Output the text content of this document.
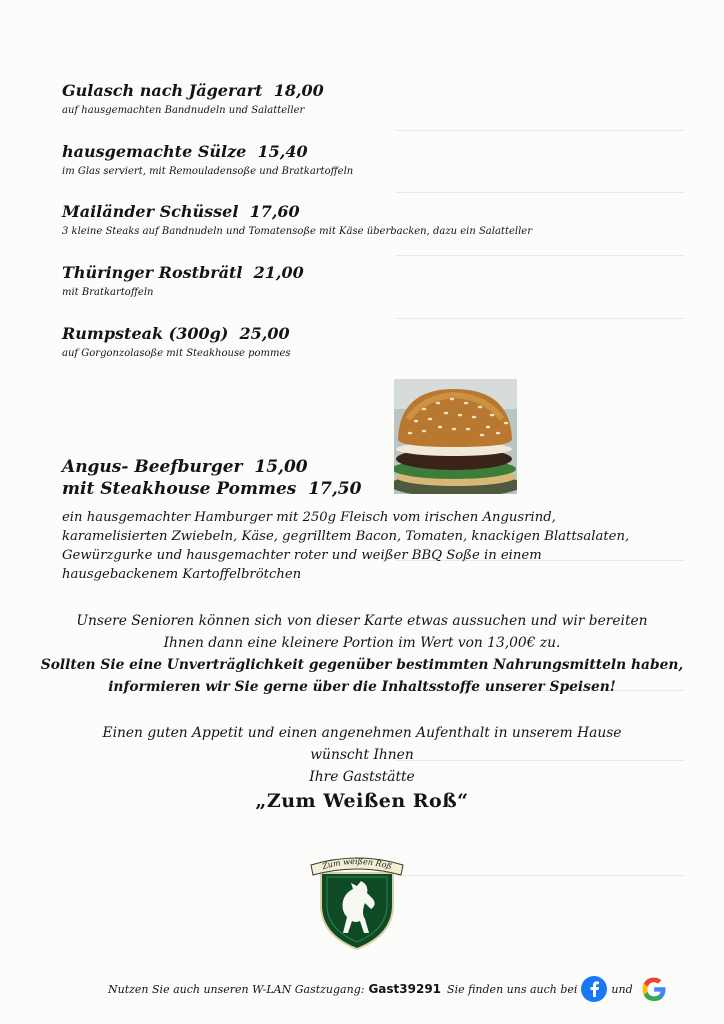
Gulasch nach Jägerart 18,00
auf hausgemachten Bandnudeln und Salatteller
hausgemachte Sülze 15,40
im Glas serviert, mit Remouladensoße und Bratkartoffeln
Mailänder Schüssel 17,60
3 kleine Steaks auf Bandnudeln und Tomatensoße mit Käse überbacken, dazu ein Salatteller
Thüringer Rostbrätl 21,00
mit Bratkartoffeln
Rumpsteak (300g) 25,00
auf Gorgonzolasoße mit Steakhouse pommes
Angus- Beefburger 15,00
mit Steakhouse Pommes 17,50
ein hausgemachter Hamburger mit 250g Fleisch vom irischen Angusrind, karamelisierten Zwiebeln, Käse, gegrilltem Bacon, Tomaten, knackigen Blattsalaten, Gewürzgurke und hausgemachter roter und weißer BBQ Soße in einem hausgebackenem Kartoffelbrötchen
Unsere Senioren können sich von dieser Karte etwas aussuchen und wir bereiten
Ihnen dann eine kleinere Portion im Wert von 13,00€ zu.
Sollten Sie eine Unverträglichkeit gegenüber bestimmten Nahrungsmitteln haben,
informieren wir Sie gerne über die Inhaltsstoffe unserer Speisen!
Einen guten Appetit und einen angenehmen Aufenthalt in unserem Hause
wünscht Ihnen
Ihre Gaststätte
„Zum Weißen Roß“
Zum weißen Roß
Nutzen Sie auch unseren W-LAN Gastzugang: Gast39291 Sie finden uns auch bei	und
